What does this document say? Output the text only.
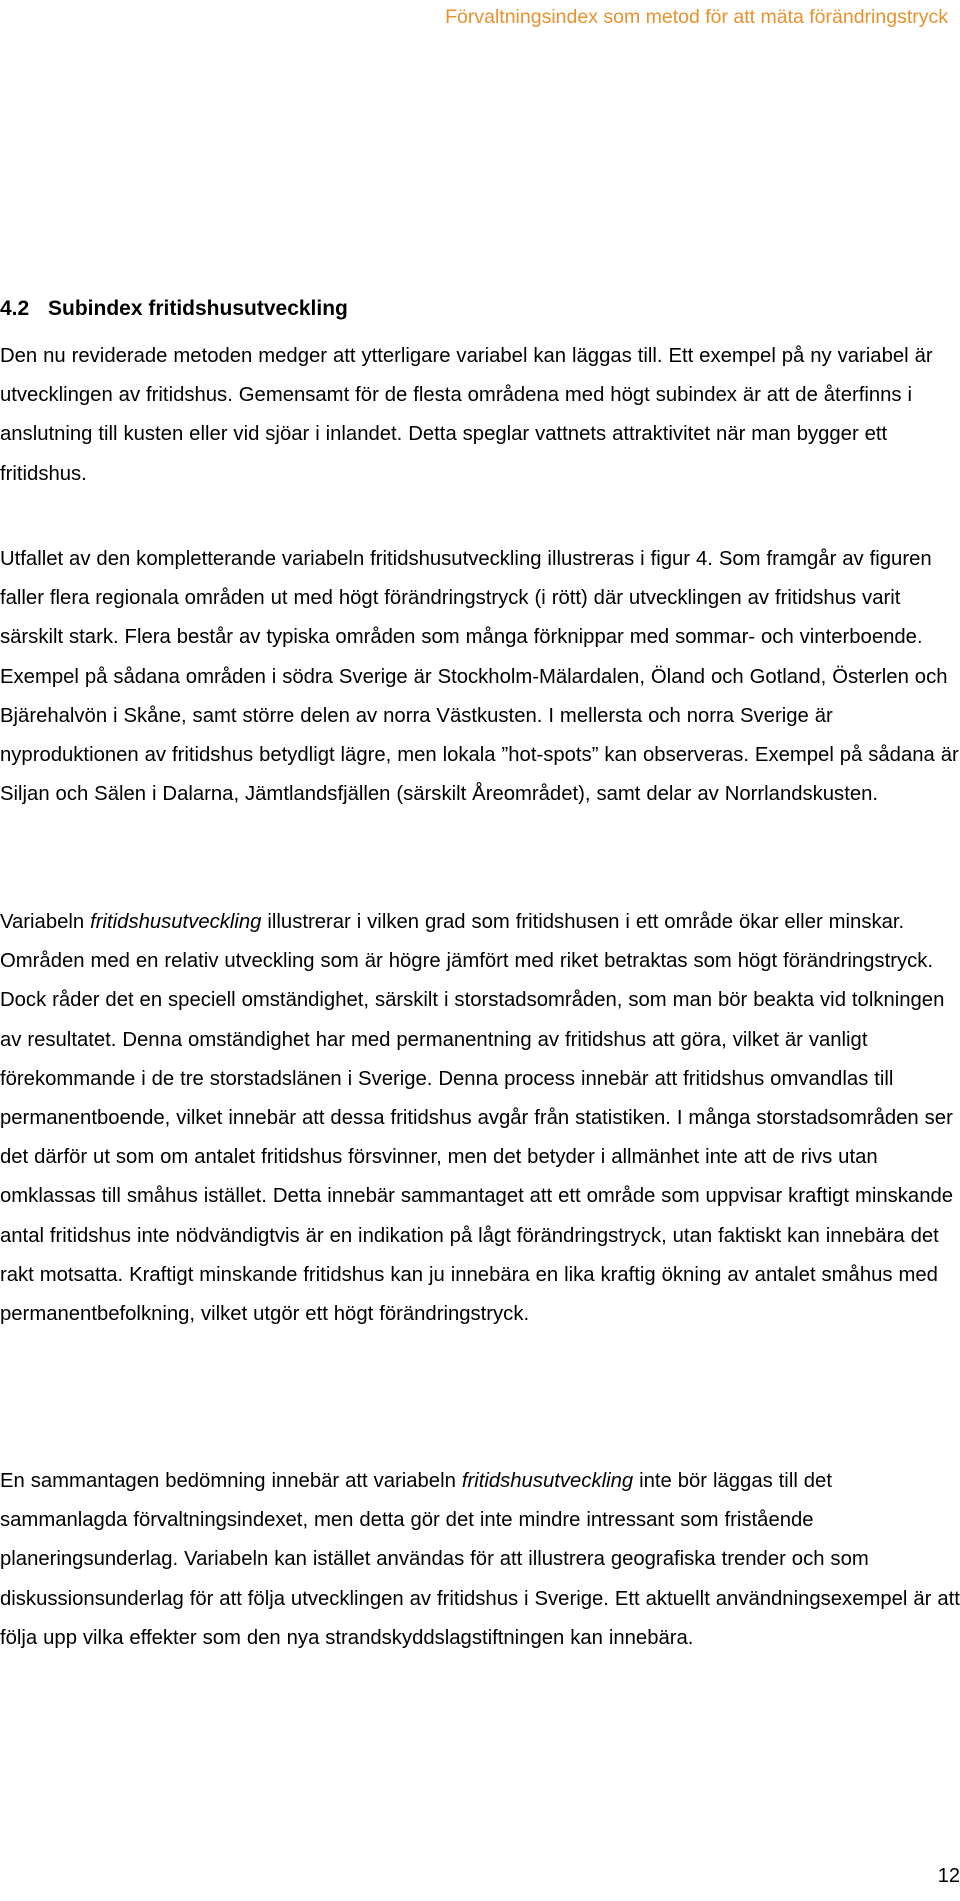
Förvaltningsindex som metod för att mäta förändringstryck
4.2 Subindex fritidshusutveckling

Den nu reviderade metoden medger att ytterligare variabel kan läggas till. Ett exempel på ny variabel är utvecklingen av fritidshus. Gemensamt för de flesta områdena med högt subindex är att de återfinns i anslutning till kusten eller vid sjöar i inlandet. Detta speglar vattnets attraktivitet när man bygger ett fritidshus.

Utfallet av den kompletterande variabeln fritidshusutveckling illustreras i figur 4. Som framgår av figuren faller flera regionala områden ut med högt förändringstryck (i rött) där utvecklingen av fritidshus varit särskilt stark. Flera består av typiska områden som många förknippar med sommar- och vinterboende. Exempel på sådana områden i södra Sverige är Stockholm-Mälardalen, Öland och Gotland, Österlen och Bjärehalvön i Skåne, samt större delen av norra Västkusten. I mellersta och norra Sverige är nyproduktionen av fritidshus betydligt lägre, men lokala ”hot-spots” kan observeras. Exempel på sådana är Siljan och Sälen i Dalarna, Jämtlandsfjällen (särskilt Åreområdet), samt delar av Norrlandskusten.

Variabeln fritidshusutveckling illustrerar i vilken grad som fritidshusen i ett område ökar eller minskar. Områden med en relativ utveckling som är högre jämfört med riket betraktas som högt förändringstryck. Dock råder det en speciell omständighet, särskilt i storstadsområden, som man bör beakta vid tolkningen av resultatet. Denna omständighet har med permanentning av fritidshus att göra, vilket är vanligt förekommande i de tre storstadslänen i Sverige. Denna process innebär att fritidshus omvandlas till permanentboende, vilket innebär att dessa fritidshus avgår från statistiken. I många storstadsområden ser det därför ut som om antalet fritidshus försvinner, men det betyder i allmänhet inte att de rivs utan omklassas till småhus istället. Detta innebär sammantaget att ett område som uppvisar kraftigt minskande antal fritidshus inte nödvändigtvis är en indikation på lågt förändringstryck, utan faktiskt kan innebära det rakt motsatta. Kraftigt minskande fritidshus kan ju innebära en lika kraftig ökning av antalet småhus med permanentbefolkning, vilket utgör ett högt förändringstryck.

En sammantagen bedömning innebär att variabeln fritidshusutveckling inte bör läggas till det sammanlagda förvaltningsindexet, men detta gör det inte mindre intressant som fristående planeringsunderlag. Variabeln kan istället användas för att illustrera geografiska trender och som diskussionsunderlag för att följa utvecklingen av fritidshus i Sverige. Ett aktuellt användningsexempel är att följa upp vilka effekter som den nya strandskyddslagstiftningen kan innebära.

12
